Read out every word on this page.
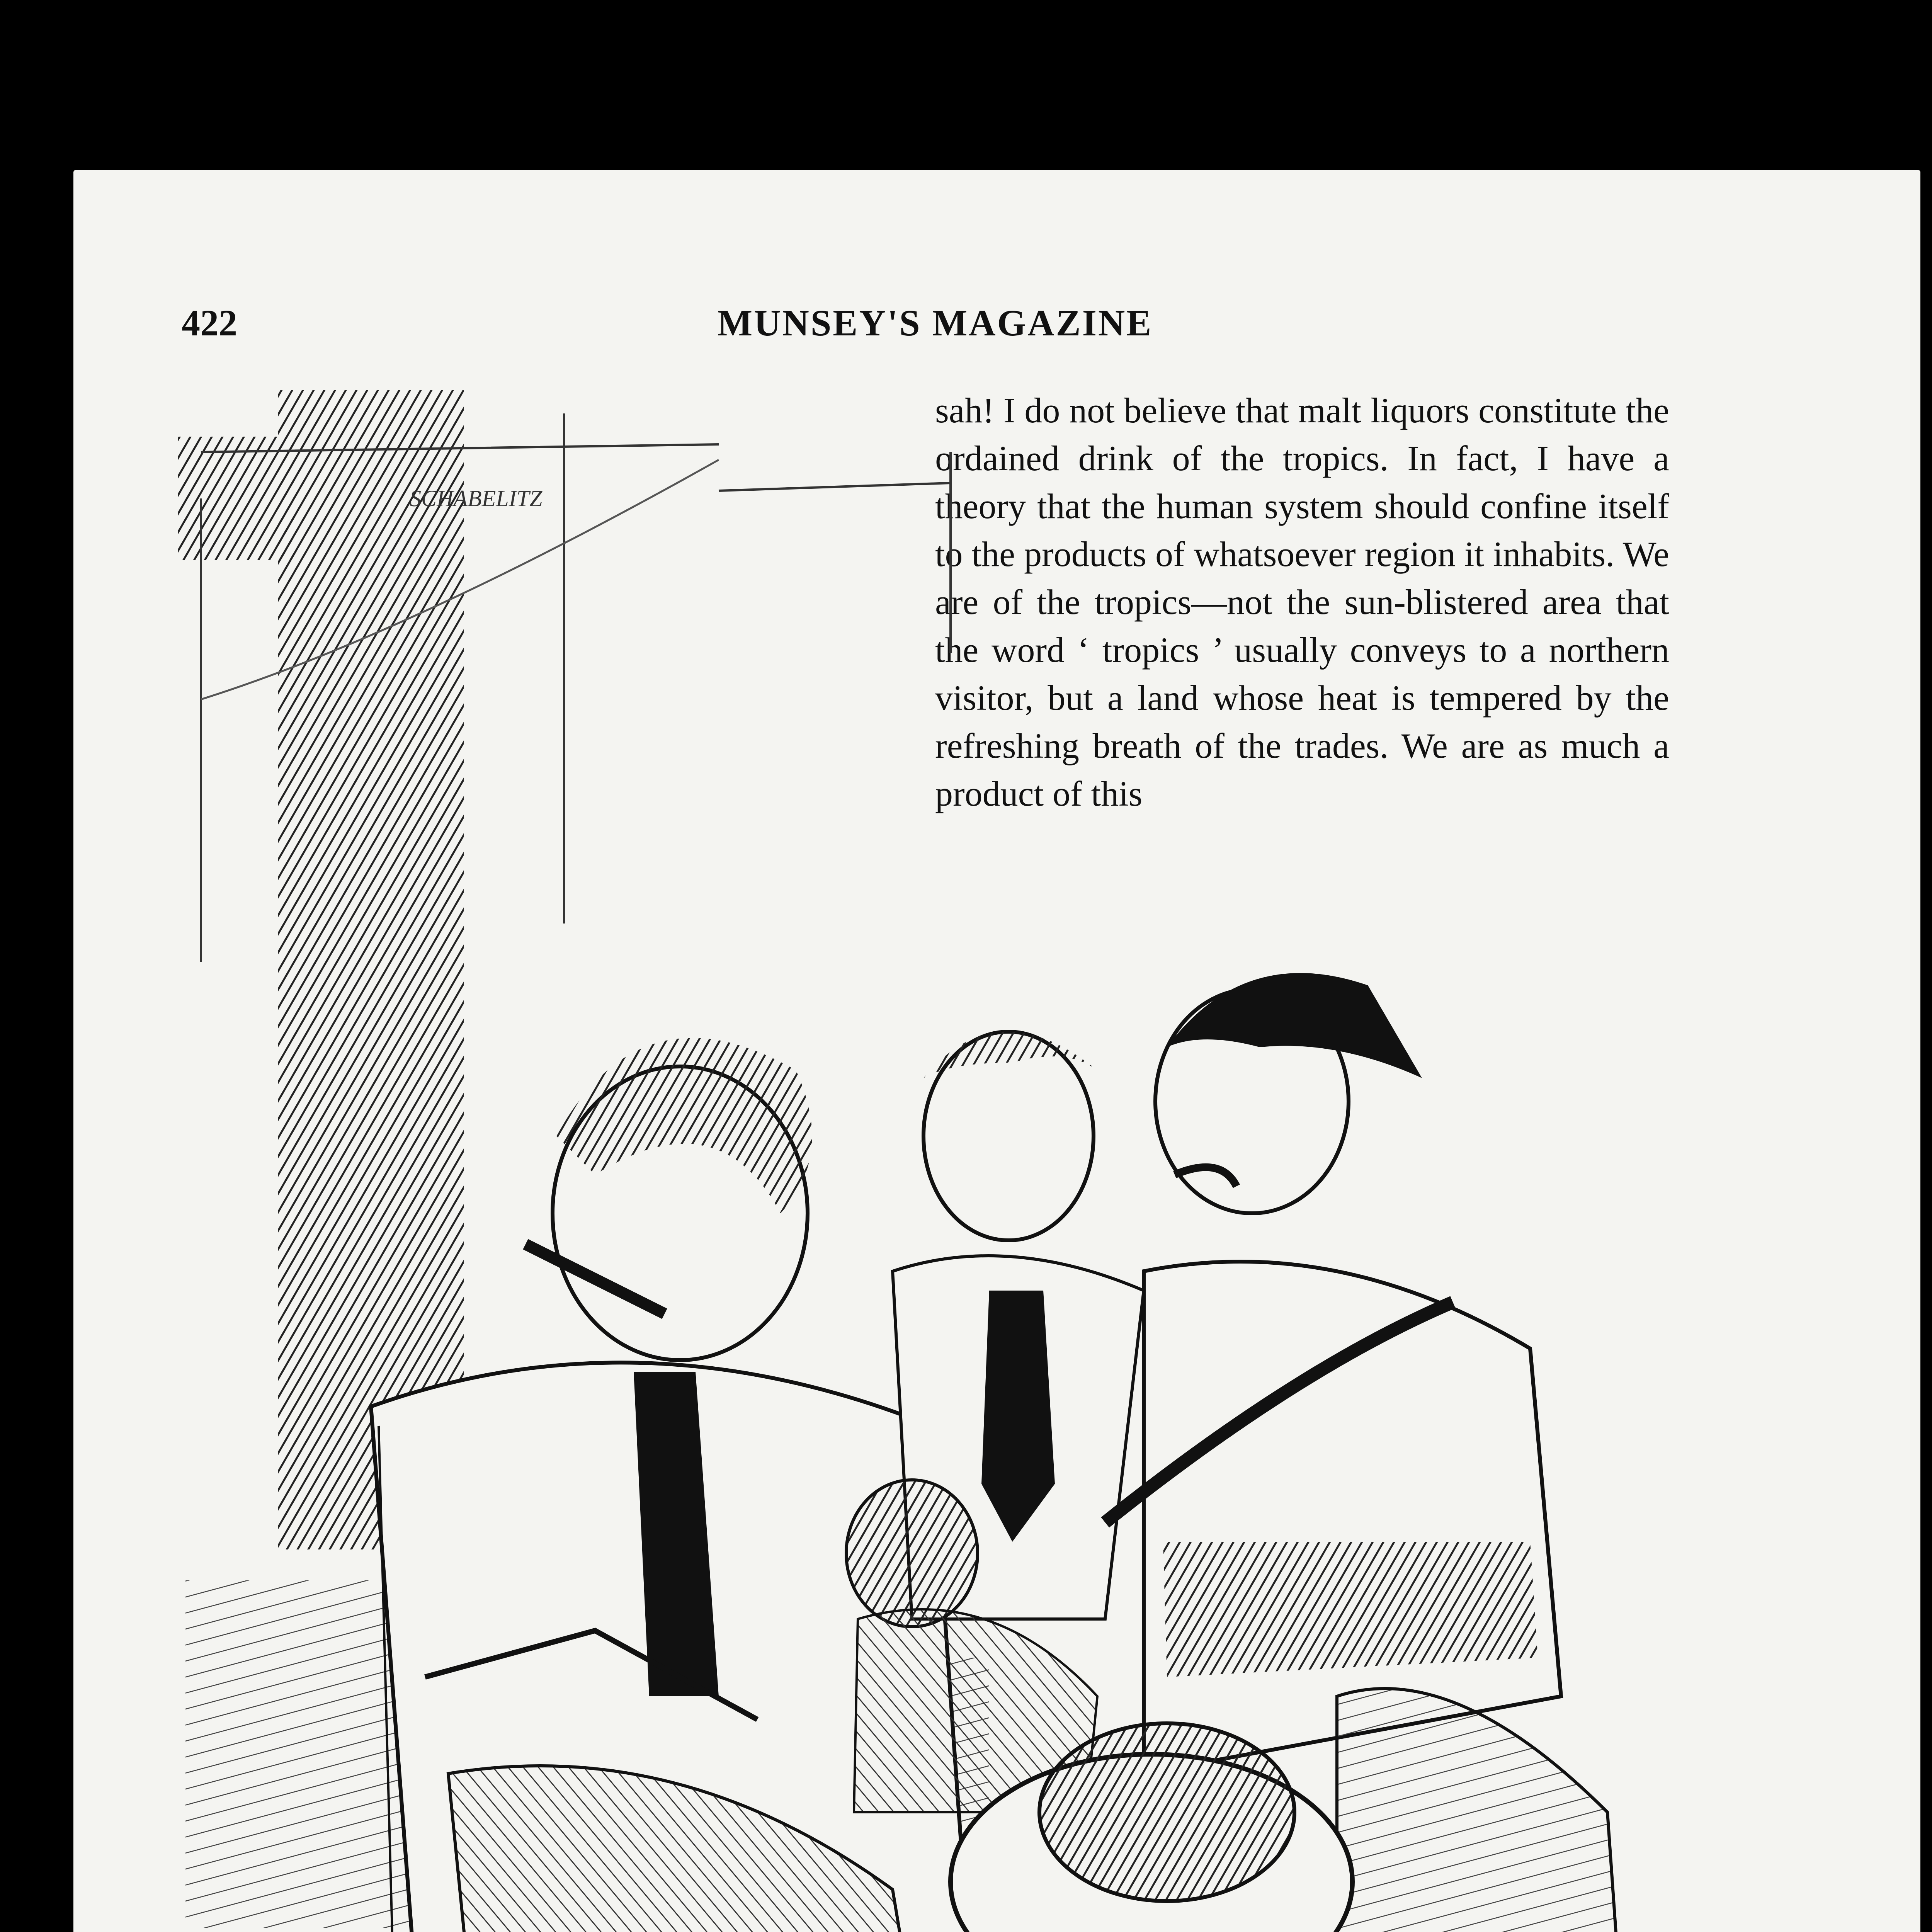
422	MUNSEY'S MAGAZINE

sah! I do not believe that malt liquors constitute the ordained drink of the tropics. In fact, I have a theory that the human system should confine itself to the products of whatsoever region it inhabits. We are of the tropics—not the sun-blistered area that the word ‘ tropics ’ usually conveys to a northern visitor, but a land whose heat is tempered by the refreshing breath of the trades. We are as much a product of this

SCHABELITZ
